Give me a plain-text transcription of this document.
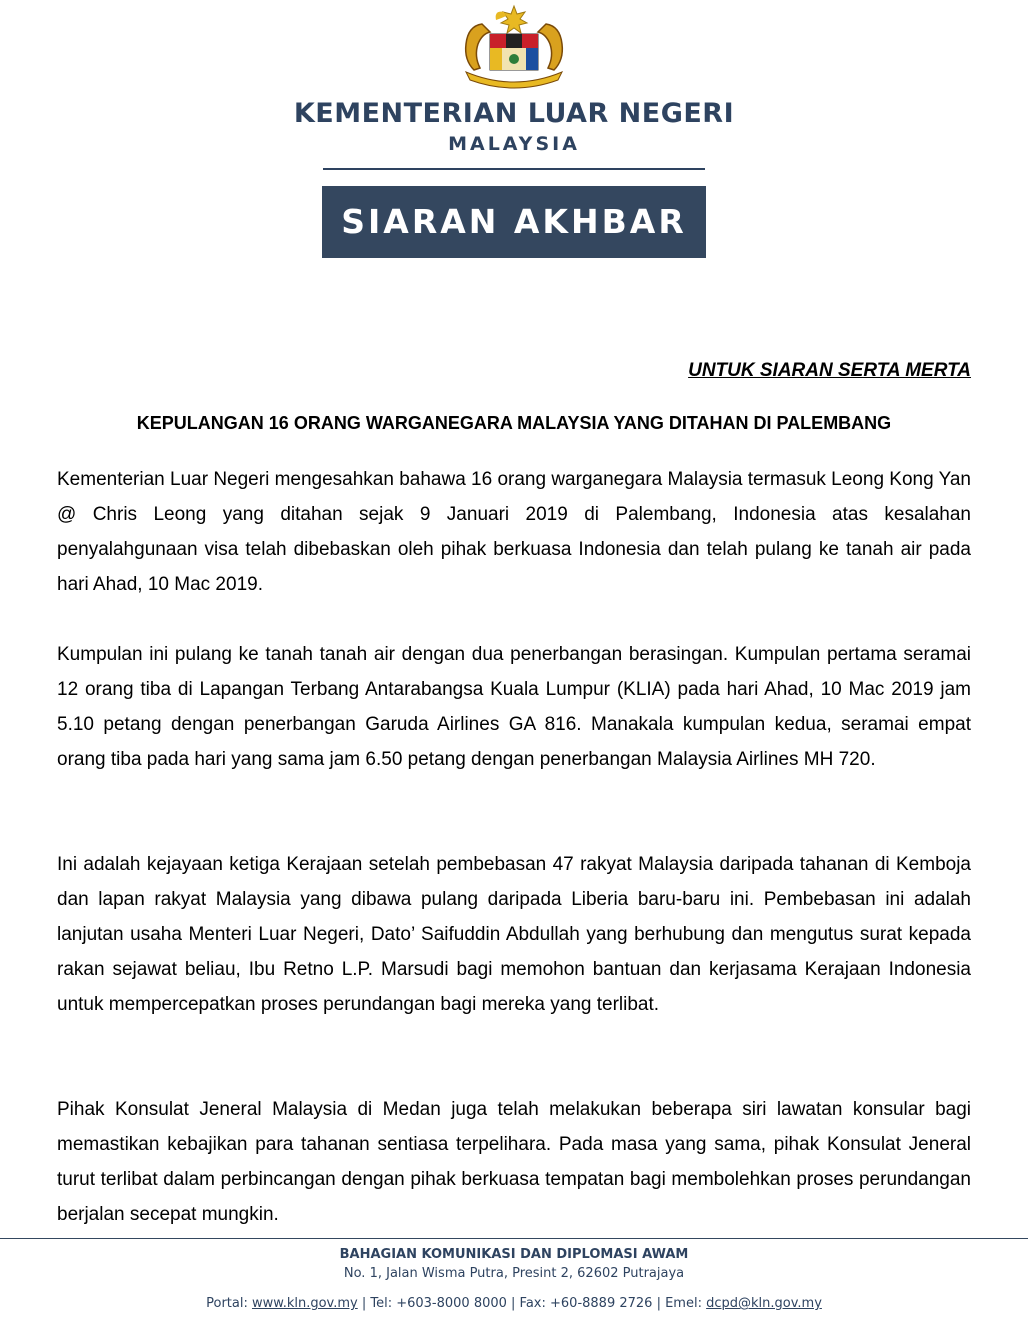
KEMENTERIAN LUAR NEGERI
MALAYSIA
SIARAN AKHBAR
UNTUK SIARAN SERTA MERTA
KEPULANGAN 16 ORANG WARGANEGARA MALAYSIA YANG DITAHAN DI PALEMBANG

Kementerian Luar Negeri mengesahkan bahawa 16 orang warganegara Malaysia termasuk Leong Kong Yan @ Chris Leong yang ditahan sejak 9 Januari 2019 di Palembang, Indonesia atas kesalahan penyalahgunaan visa telah dibebaskan oleh pihak berkuasa Indonesia dan telah pulang ke tanah air pada hari Ahad, 10 Mac 2019.

Kumpulan ini pulang ke tanah tanah air dengan dua penerbangan berasingan. Kumpulan pertama seramai 12 orang tiba di Lapangan Terbang Antarabangsa Kuala Lumpur (KLIA) pada hari Ahad, 10 Mac 2019 jam 5.10 petang dengan penerbangan Garuda Airlines GA 816. Manakala kumpulan kedua, seramai empat orang tiba pada hari yang sama jam 6.50 petang dengan penerbangan Malaysia Airlines MH 720.

Ini adalah kejayaan ketiga Kerajaan setelah pembebasan 47 rakyat Malaysia daripada tahanan di Kemboja dan lapan rakyat Malaysia yang dibawa pulang daripada Liberia baru-baru ini. Pembebasan ini adalah lanjutan usaha Menteri Luar Negeri, Dato’ Saifuddin Abdullah yang berhubung dan mengutus surat kepada rakan sejawat beliau, Ibu Retno L.P. Marsudi bagi memohon bantuan dan kerjasama Kerajaan Indonesia untuk mempercepatkan proses perundangan bagi mereka yang terlibat.

Pihak Konsulat Jeneral Malaysia di Medan juga telah melakukan beberapa siri lawatan konsular bagi memastikan kebajikan para tahanan sentiasa terpelihara. Pada masa yang sama, pihak Konsulat Jeneral turut terlibat dalam perbincangan dengan pihak berkuasa tempatan bagi membolehkan proses perundangan berjalan secepat mungkin.

BAHAGIAN KOMUNIKASI DAN DIPLOMASI AWAM
No. 1, Jalan Wisma Putra, Presint 2, 62602 Putrajaya
Portal: www.kln.gov.my | Tel: +603-8000 8000 | Fax: +60-8889 2726 | Emel: dcpd@kln.gov.my
